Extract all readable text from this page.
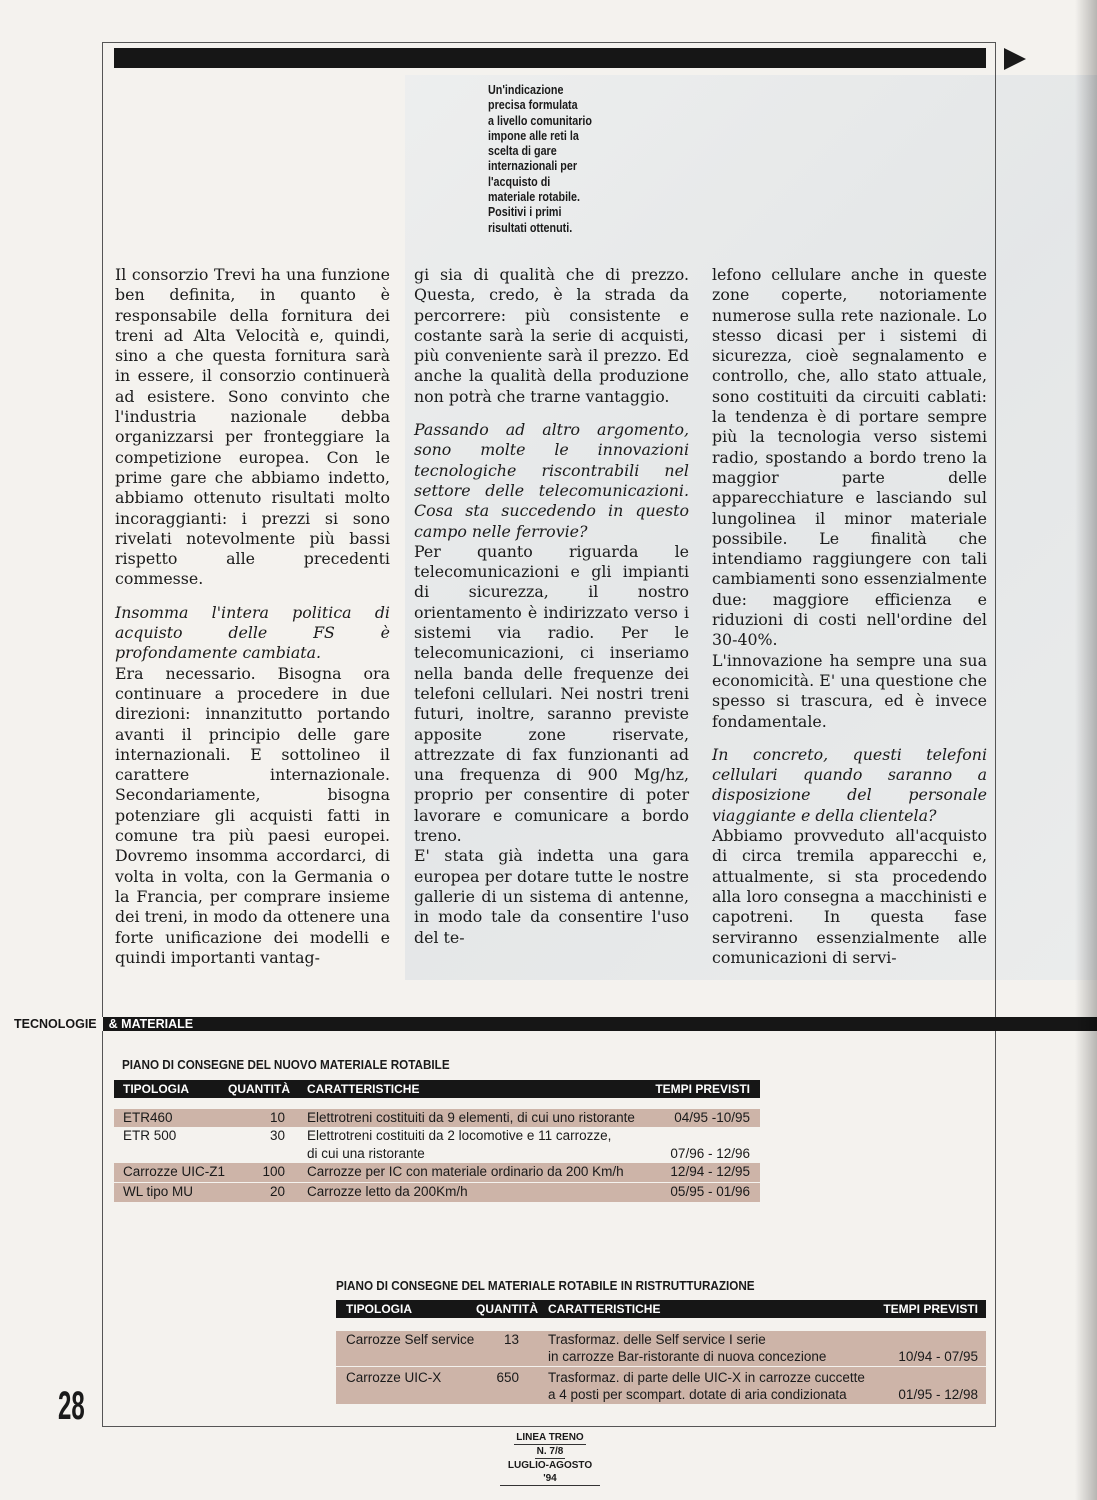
Un'indicazione
precisa formulata
a livello comunitario
impone alle reti la
scelta di gare
internazionali per
l'acquisto di
materiale rotabile.
Positivi i primi
risultati ottenuti.

Il consorzio Trevi ha una funzione ben definita, in quanto è responsabile della fornitura dei treni ad Alta Velocità e, quindi, sino a che questa fornitura sarà in essere, il consorzio continuerà ad esistere. Sono convinto che l'industria nazionale debba organizzarsi per fronteggiare la competizione europea. Con le prime gare che abbiamo indetto, abbiamo ottenuto risultati molto incoraggianti: i prezzi si sono rivelati notevolmente più bassi rispetto alle precedenti commesse.

Insomma l'intera politica di acquisto delle FS è profondamente cambiata.

Era necessario. Bisogna ora continuare a procedere in due direzioni: innanzitutto portando avanti il principio delle gare internazionali. E sottolineo il carattere internazionale. Secondariamente, bisogna potenziare gli acquisti fatti in comune tra più paesi europei. Dovremo insomma accordarci, di volta in volta, con la Germania o la Francia, per comprare insieme dei treni, in modo da ottenere una forte unificazione dei modelli e quindi importanti vantag-

gi sia di qualità che di prezzo. Questa, credo, è la strada da percorrere: più consistente e costante sarà la serie di acquisti, più conveniente sarà il prezzo. Ed anche la qualità della produzione non potrà che trarne vantaggio.

Passando ad altro argomento, sono molte le innovazioni tecnologiche riscontrabili nel settore delle telecomunicazioni. Cosa sta succedendo in questo campo nelle ferrovie?

Per quanto riguarda le telecomunicazioni e gli impianti di sicurezza, il nostro orientamento è indirizzato verso i sistemi via radio. Per le telecomunicazioni, ci inseriamo nella banda delle frequenze dei telefoni cellulari. Nei nostri treni futuri, inoltre, saranno previste apposite zone riservate, attrezzate di fax funzionanti ad una frequenza di 900 Mg/hz, proprio per consentire di poter lavorare e comunicare a bordo treno.

E' stata già indetta una gara europea per dotare tutte le nostre gallerie di un sistema di antenne, in modo tale da consentire l'uso del te-

lefono cellulare anche in queste zone coperte, notoriamente numerose sulla rete nazionale. Lo stesso dicasi per i sistemi di sicurezza, cioè segnalamento e controllo, che, allo stato attuale, sono costituiti da circuiti cablati: la tendenza è di portare sempre più la tecnologia verso sistemi radio, spostando a bordo treno la maggior parte delle apparecchiature e lasciando sul lungolinea il minor materiale possibile. Le finalità che intendiamo raggiungere con tali cambiamenti sono essenzialmente due: maggiore efficienza e riduzioni di costi nell'ordine del 30-40%.

L'innovazione ha sempre una sua economicità. E' una questione che spesso si trascura, ed è invece fondamentale.

In concreto, questi telefoni cellulari quando saranno a disposizione del personale viaggiante e della clientela?

Abbiamo provveduto all'acquisto di circa tremila apparecchi e, attualmente, si sta procedendo alla loro consegna a macchinisti e capotreni. In questa fase serviranno essenzialmente alle comunicazioni di servi-

TECNOLOGIE & MATERIALE
PIANO DI CONSEGNE DEL NUOVO MATERIALE ROTABILE
TIPOLOGIA	QUANTITÀ CARATTERISTICHE	TEMPI PREVISTI
ETR460	10 Elettrotreni costituiti da 9 elementi, di cui uno ristorante	04/95 -10/95
ETR 500	30 Elettrotreni costituiti da 2 locomotive e 11 carrozze,
di cui una ristorante	07/96 - 12/96
Carrozze UIC-Z1	100 Carrozze per IC con materiale ordinario da 200 Km/h	12/94 - 12/95
WL tipo MU	20 Carrozze letto da 200Km/h	05/95 - 01/96
PIANO DI CONSEGNE DEL MATERIALE ROTABILE IN RISTRUTTURAZIONE
TIPOLOGIA	QUANTITÀ CARATTERISTICHE	TEMPI PREVISTI
Carrozze Self service 13 Trasformaz. delle Self service I serie
in carrozze Bar-ristorante di nuova concezione	10/94 - 07/95
Carrozze UIC-X	650 Trasformaz. di parte delle UIC-X in carrozze cuccette
a 4 posti per scompart. dotate di aria condizionata	01/95 - 12/98
28
LINEA TRENO
N. 7/8
LUGLIO-AGOSTO '94
